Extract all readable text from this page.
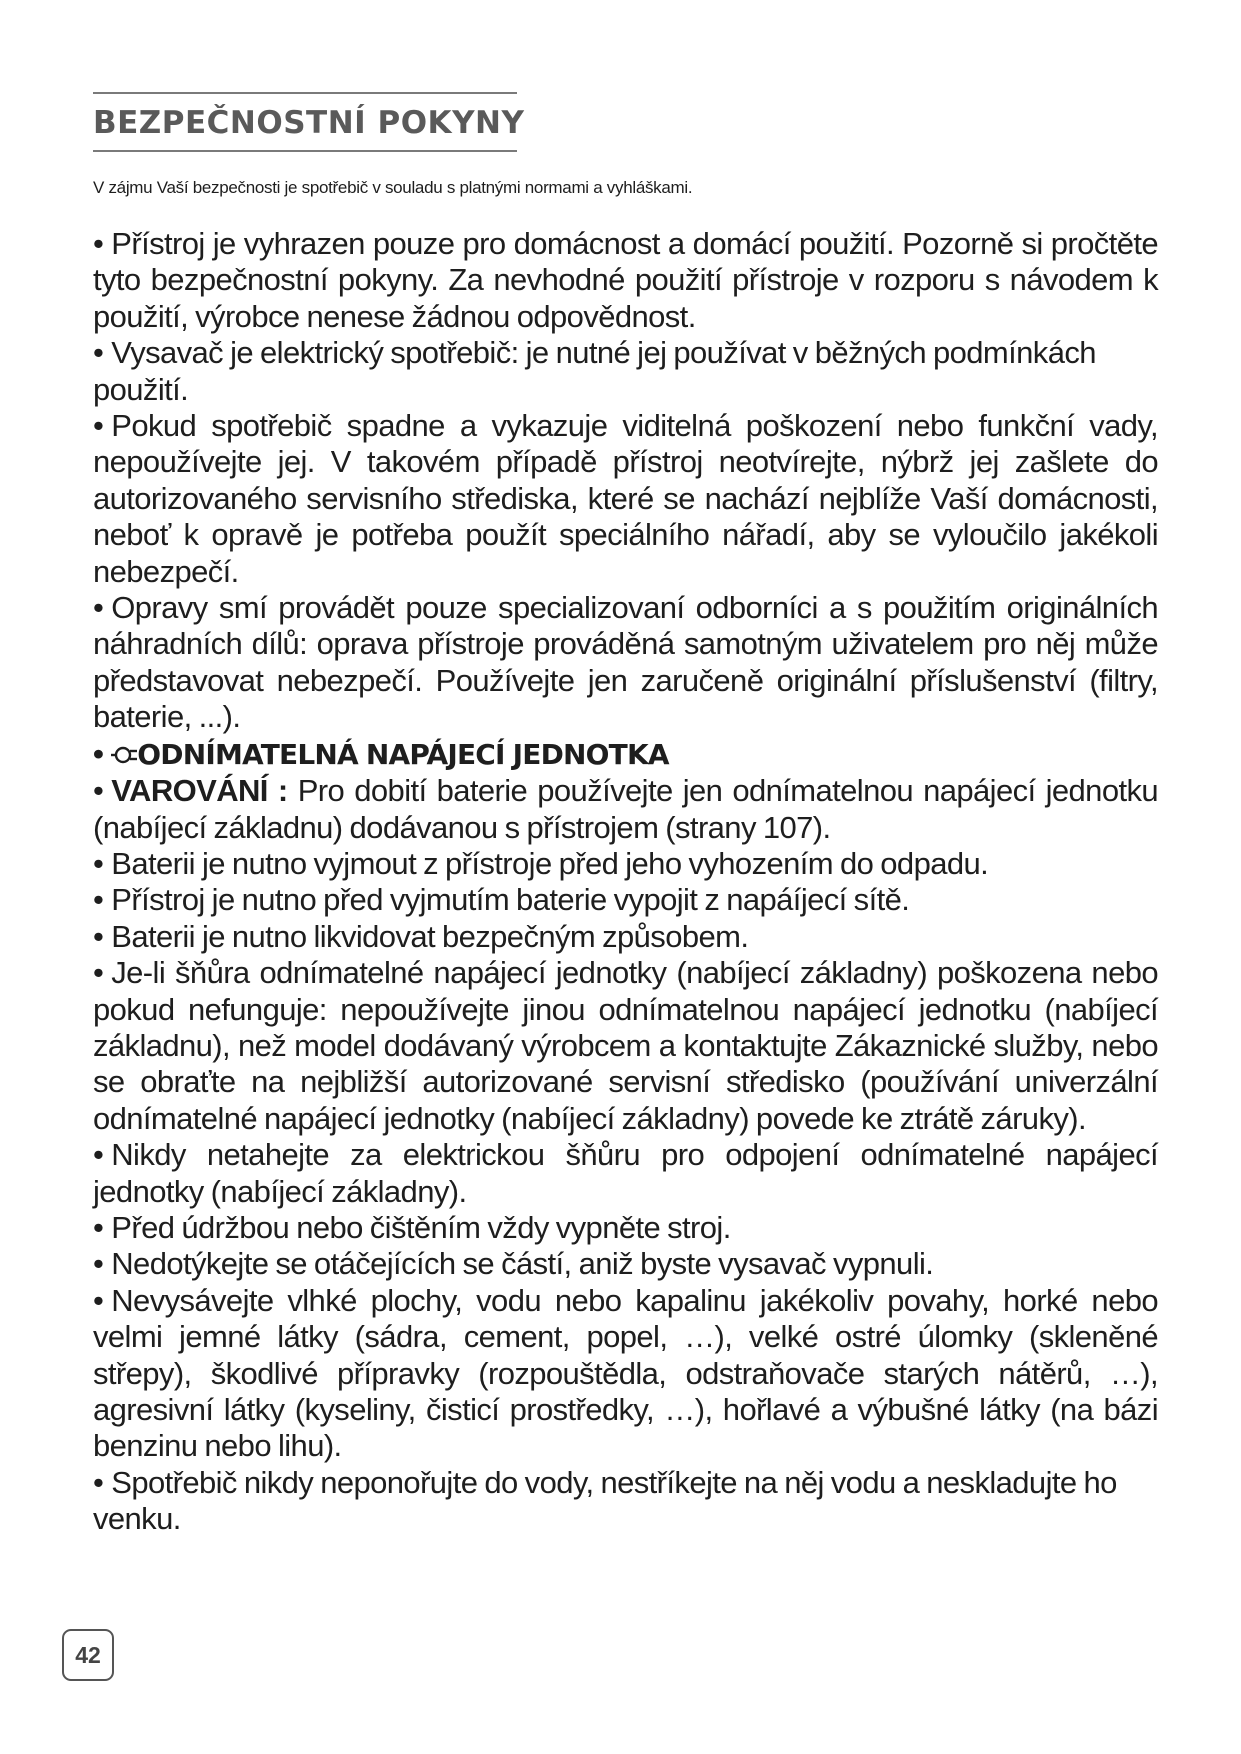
BEZPEČNOSTNÍ POKYNY
V zájmu Vaší bezpečnosti je spotřebič v souladu s platnými normami a vyhláškami.

• Přístroj je vyhrazen pouze pro domácnost a domácí použití. Pozorně si pročtěte tyto bezpečnostní pokyny. Za nevhodné použití přístroje v rozporu s návodem k použití, výrobce nenese žádnou odpovědnost.

• Vysavač je elektrický spotřebič: je nutné jej používat v běžných podmínkách použití.

• Pokud spotřebič spadne a vykazuje viditelná poškození nebo funkční vady, nepoužívejte jej. V takovém případě přístroj neotvírejte, nýbrž jej zašlete do autorizovaného servisního střediska, které se nachází nejblíže Vaší domácnosti, neboť k opravě je potřeba použít speciálního nářadí, aby se vyloučilo jakékoli nebezpečí.

• Opravy smí provádět pouze specializovaní odborníci a s použitím originálních náhradních dílů: oprava přístroje prováděná samotným uživatelem pro něj může představovat nebezpečí. Používejte jen zaručeně originální příslušenství (filtry, baterie, ...).

• ODNÍMATELNÁ NAPÁJECÍ JEDNOTKA

• VAROVÁNÍ : Pro dobití baterie používejte jen odnímatelnou napájecí jednotku (nabíjecí základnu) dodávanou s přístrojem (strany 107).

• Baterii je nutno vyjmout z přístroje před jeho vyhozením do odpadu.

• Přístroj je nutno před vyjmutím baterie vypojit z napáíjecí sítě.

• Baterii je nutno likvidovat bezpečným způsobem.

• Je-li šňůra odnímatelné napájecí jednotky (nabíjecí základny) poškozena nebo pokud nefunguje: nepoužívejte jinou odnímatelnou napájecí jednotku (nabíjecí základnu), než model dodávaný výrobcem a kontaktujte Zákaznické služby, nebo se obraťte na nejbližší autorizované servisní středisko (používání univerzální odnímatelné napájecí jednotky (nabíjecí základny) povede ke ztrátě záruky).

• Nikdy netahejte za elektrickou šňůru pro odpojení odnímatelné napájecí jednotky (nabíjecí základny).

• Před údržbou nebo čištěním vždy vypněte stroj.

• Nedotýkejte se otáčejících se částí, aniž byste vysavač vypnuli.

• Nevysávejte vlhké plochy, vodu nebo kapalinu jakékoliv povahy, horké nebo velmi jemné látky (sádra, cement, popel, …), velké ostré úlomky (skleněné střepy), škodlivé přípravky (rozpouštědla, odstraňovače starých nátěrů, …), agresivní látky (kyseliny, čisticí prostředky, …), hořlavé a výbušné látky (na bázi benzinu nebo lihu).

• Spotřebič nikdy neponořujte do vody, nestříkejte na něj vodu a neskladujte ho venku.

42
